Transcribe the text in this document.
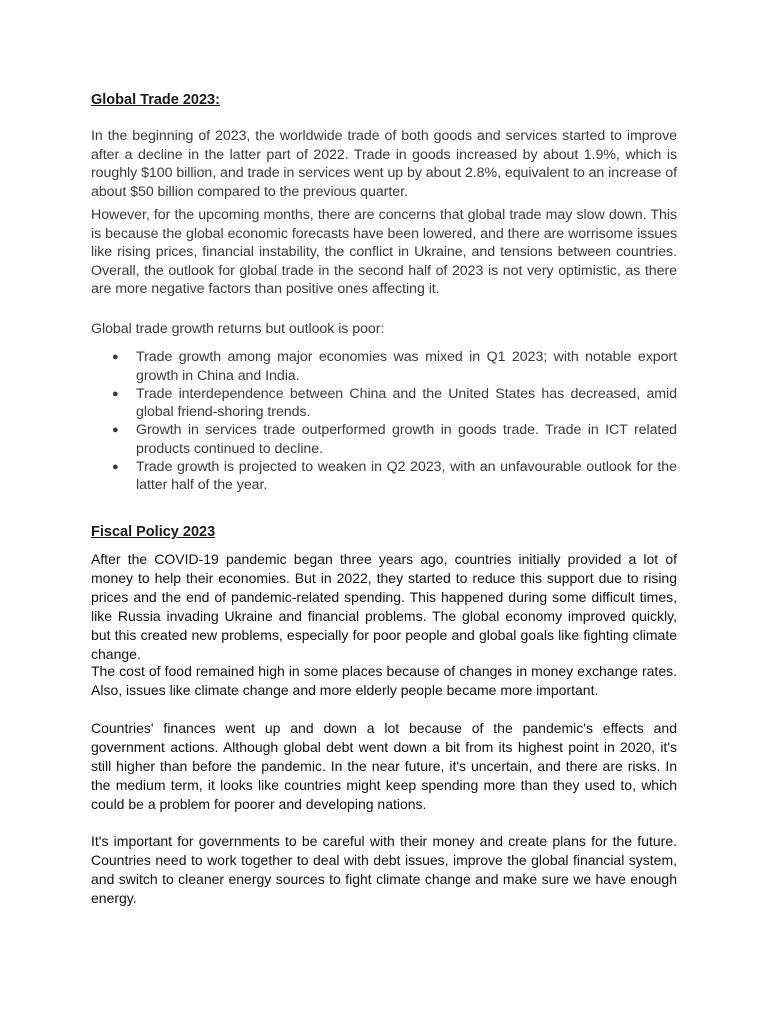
Global Trade 2023:

In the beginning of 2023, the worldwide trade of both goods and services started to improve after a decline in the latter part of 2022. Trade in goods increased by about 1.9%, which is roughly $100 billion, and trade in services went up by about 2.8%, equivalent to an increase of about $50 billion compared to the previous quarter.

However, for the upcoming months, there are concerns that global trade may slow down. This is because the global economic forecasts have been lowered, and there are worrisome issues like rising prices, financial instability, the conflict in Ukraine, and tensions between countries. Overall, the outlook for global trade in the second half of 2023 is not very optimistic, as there are more negative factors than positive ones affecting it.

Global trade growth returns but outlook is poor:

● Trade growth among major economies was mixed in Q1 2023; with notable export growth in China and India.
● Trade interdependence between China and the United States has decreased, amid global friend-shoring trends.
● Growth in services trade outperformed growth in goods trade. Trade in ICT related products continued to decline.
● Trade growth is projected to weaken in Q2 2023, with an unfavourable outlook for the latter half of the year.

Fiscal Policy 2023

After the COVID-19 pandemic began three years ago, countries initially provided a lot of money to help their economies. But in 2022, they started to reduce this support due to rising prices and the end of pandemic-related spending. This happened during some difficult times, like Russia invading Ukraine and financial problems. The global economy improved quickly, but this created new problems, especially for poor people and global goals like fighting climate change.

The cost of food remained high in some places because of changes in money exchange rates. Also, issues like climate change and more elderly people became more important.

Countries' finances went up and down a lot because of the pandemic's effects and government actions. Although global debt went down a bit from its highest point in 2020, it's still higher than before the pandemic. In the near future, it's uncertain, and there are risks. In the medium term, it looks like countries might keep spending more than they used to, which could be a problem for poorer and developing nations.

It's important for governments to be careful with their money and create plans for the future. Countries need to work together to deal with debt issues, improve the global financial system, and switch to cleaner energy sources to fight climate change and make sure we have enough energy.
